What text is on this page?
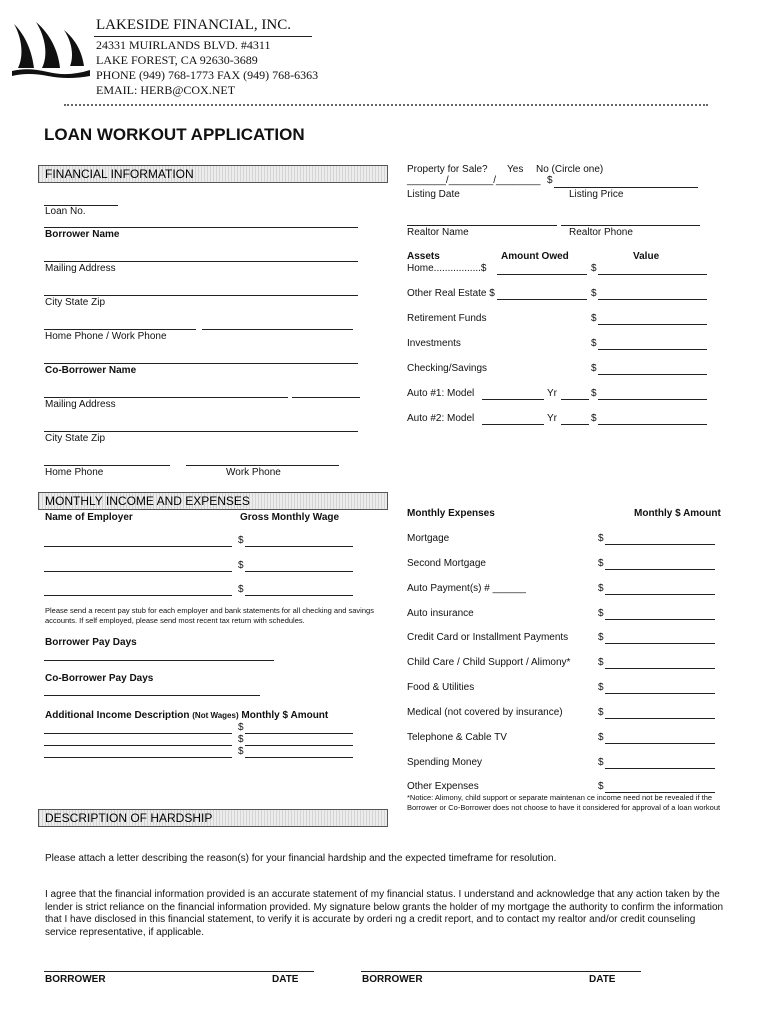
LAKESIDE FINANCIAL, INC.
24331 MUIRLANDS BLVD. #4311
LAKE FOREST, CA 92630-3689
PHONE (949) 768-1773 FAX (949) 768-6363
EMAIL: HERB@COX.NET
LOAN WORKOUT APPLICATION
FINANCIAL INFORMATION
Loan No.
Borrower Name
Mailing Address
City State Zip
Home Phone / Work Phone
Co-Borrower Name
Mailing Address
City State Zip
Home Phone	Work Phone
Property for Sale? Yes No (Circle one)
_______/________/________ $
Listing Date	Listing Price
Realtor Name	Realtor Phone
Assets	Amount Owed	Value
Home.................$	$
Other Real Estate $	$
Retirement Funds	$
Investments	$
Checking/Savings	$
Auto #1: Model	Yr	$
Auto #2: Model	Yr	$
MONTHLY INCOME AND EXPENSES
Name of Employer	Gross Monthly Wage
$
$
$
Please send a recent pay stub for each employer and bank statements for all checking and savings accounts. If self employed, please send most recent tax return with schedules.
Borrower Pay Days
Co-Borrower Pay Days
Additional Income Description (Not Wages) Monthly $ Amount
$
$
$
Monthly Expenses	Monthly $ Amount
Mortgage	$
Second Mortgage	$
Auto Payment(s) # ______	$
Auto insurance	$
Credit Card or Installment Payments	$
Child Care / Child Support / Alimony*	$
Food & Utilities	$
Medical (not covered by insurance)	$
Telephone & Cable TV	$
Spending Money	$
Other Expenses	$
*Notice: Alimony, child support or separate maintenan ce income need not be revealed if the Borrower or Co-Borrower does not choose to have it considered for approval of a loan workout
DESCRIPTION OF HARDSHIP
Please attach a letter describing the reason(s) for your financial hardship and the expected timeframe for resolution.
I agree that the financial information provided is an accurate statement of my financial status. I understand and acknowledge that any action taken by the lender is strict reliance on the financial information provided. My signature below grants the holder of my mortgage the authority to confirm the information that I have disclosed in this financial statement, to verify it is accurate by orderi ng a credit report, and to contact my realtor and/or credit counseling service representative, if applicable.
BORROWER	DATE	BORROWER	DATE
